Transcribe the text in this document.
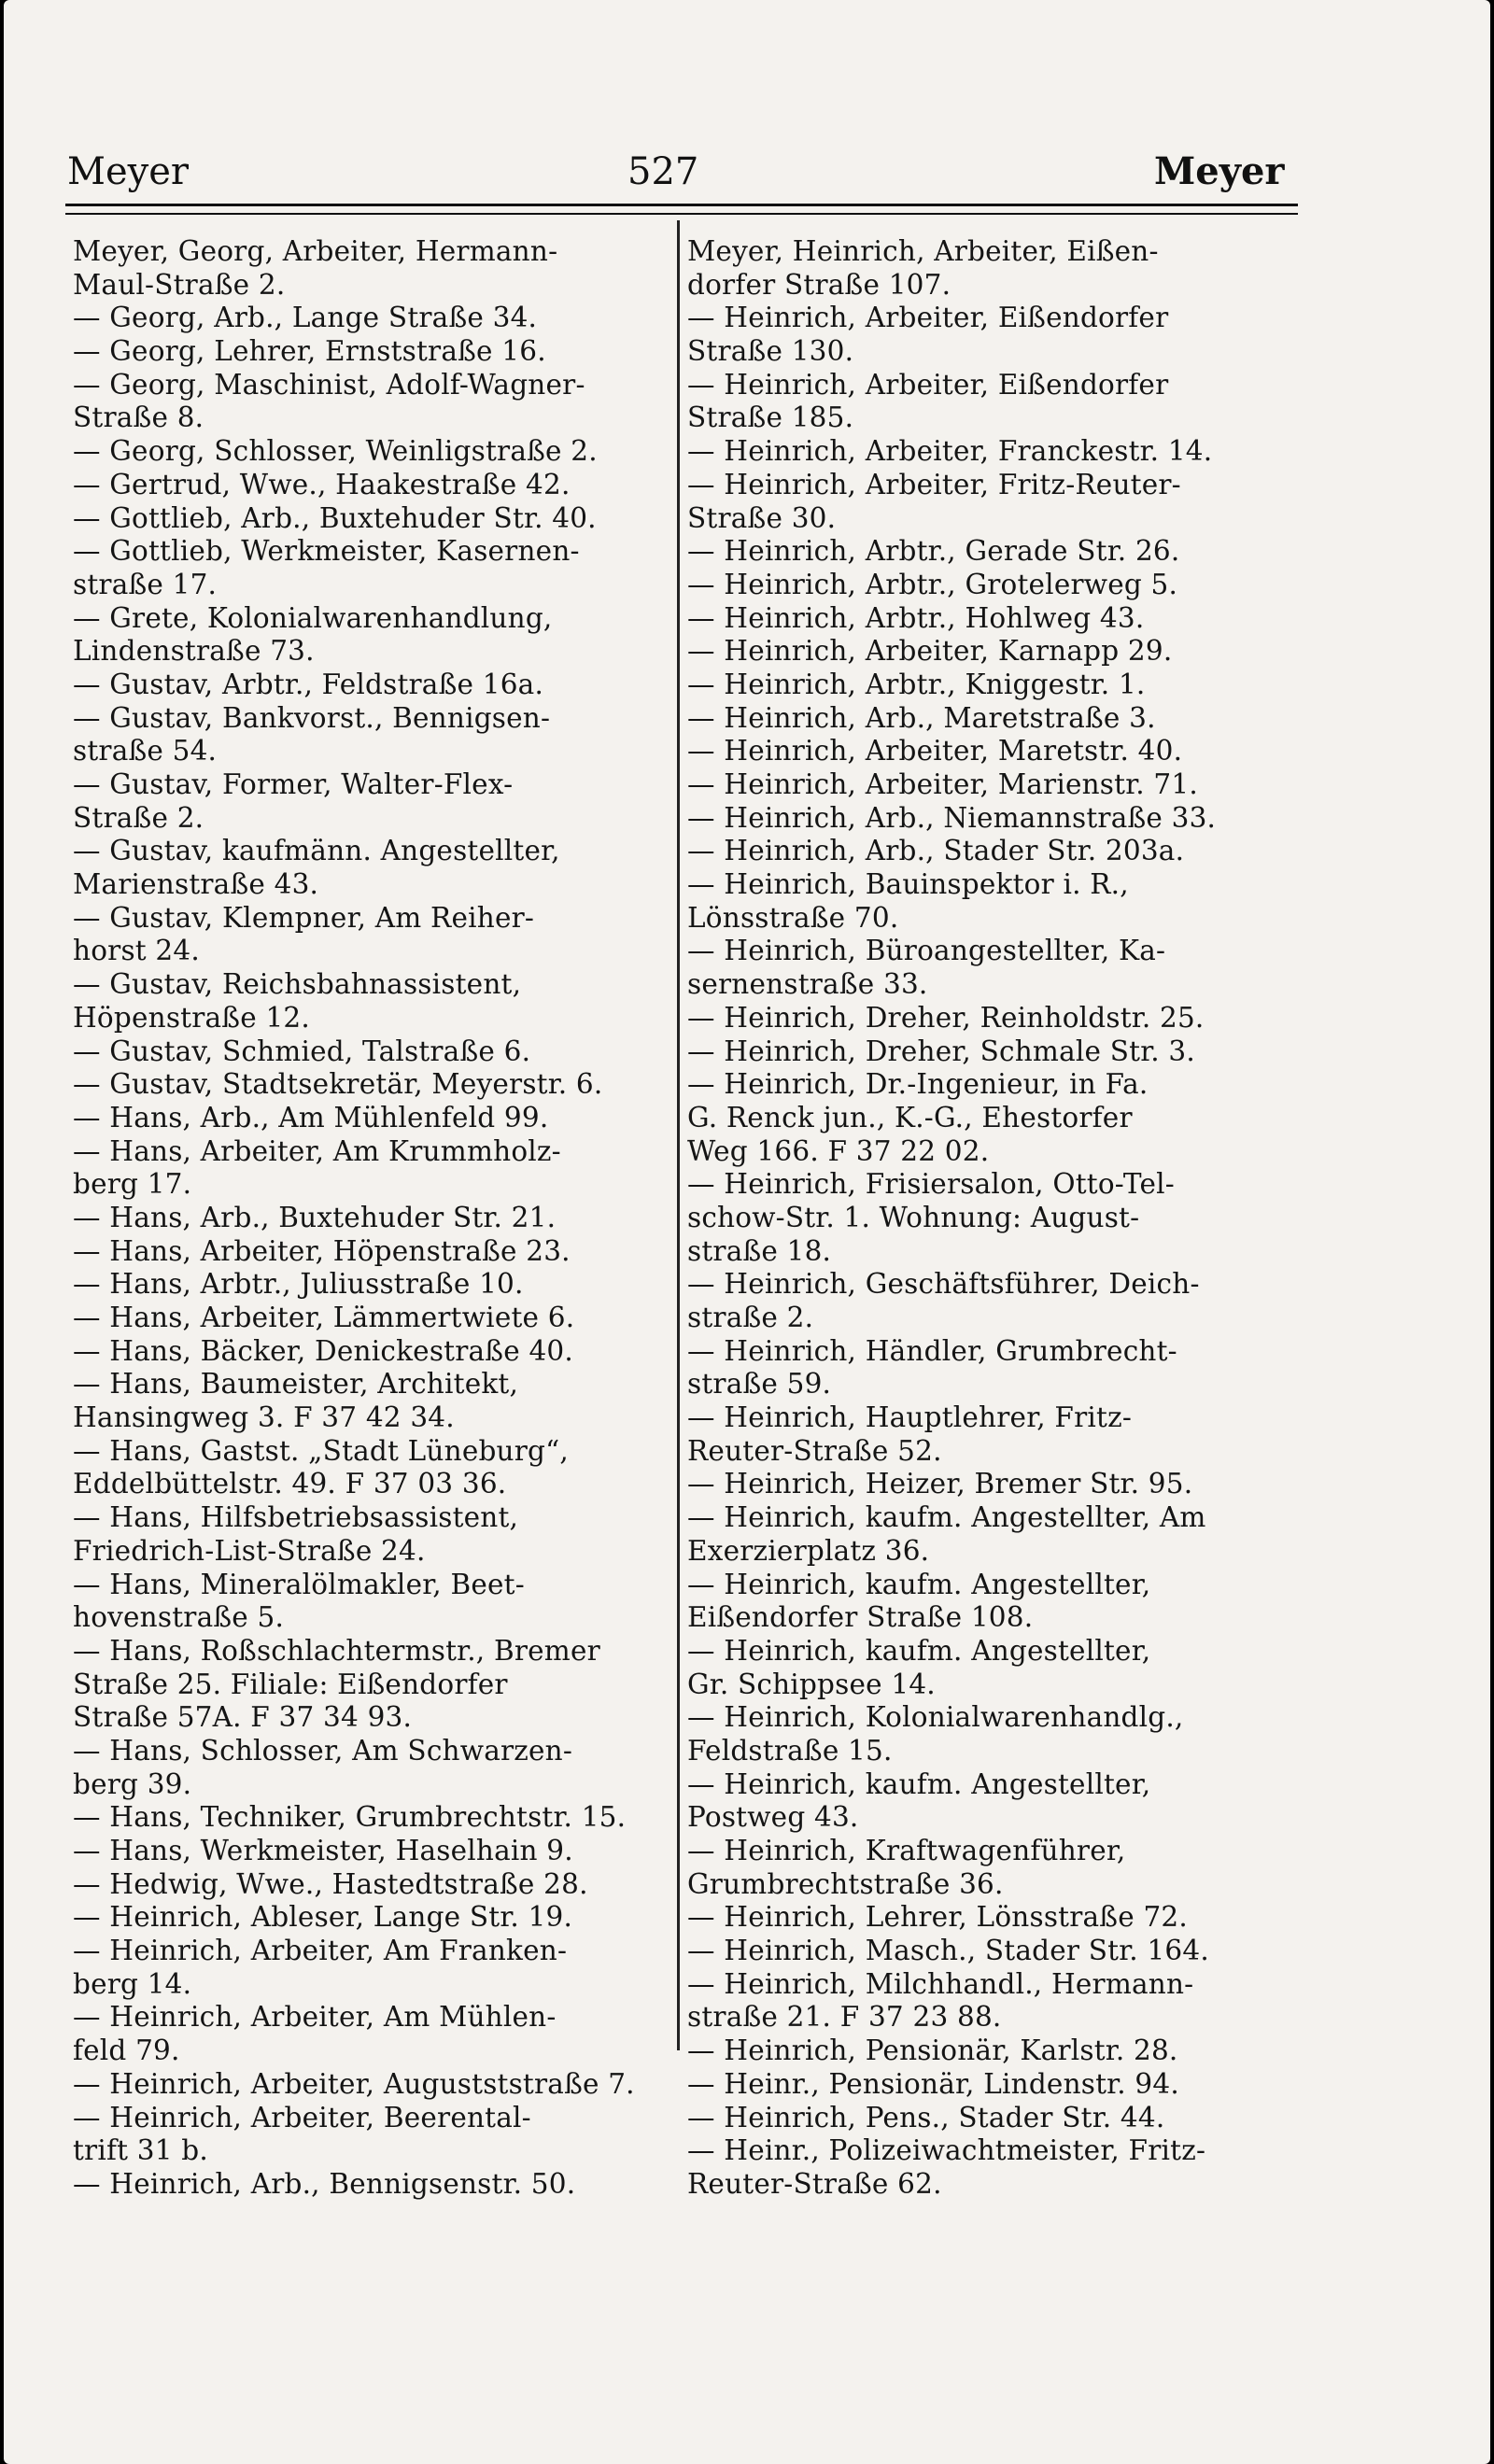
Meyer	527	Meyer
Meyer, Georg, Arbeiter, Hermann-
Maul-Straße 2.
— Georg, Arb., Lange Straße 34.
— Georg, Lehrer, Ernststraße 16.
— Georg, Maschinist, Adolf-Wagner-
Straße 8.
— Georg, Schlosser, Weinligstraße 2.
— Gertrud, Wwe., Haakestraße 42.
— Gottlieb, Arb., Buxtehuder Str. 40.
— Gottlieb, Werkmeister, Kasernen-
straße 17.
— Grete, Kolonialwarenhandlung,
Lindenstraße 73.
— Gustav, Arbtr., Feldstraße 16a.
— Gustav, Bankvorst., Bennigsen-
straße 54.
— Gustav, Former, Walter-Flex-
Straße 2.
— Gustav, kaufmänn. Angestellter,
Marienstraße 43.
— Gustav, Klempner, Am Reiher-
horst 24.
— Gustav, Reichsbahnassistent,
Höpenstraße 12.
— Gustav, Schmied, Talstraße 6.
— Gustav, Stadtsekretär, Meyerstr. 6.
— Hans, Arb., Am Mühlenfeld 99.
— Hans, Arbeiter, Am Krummholz-
berg 17.
— Hans, Arb., Buxtehuder Str. 21.
— Hans, Arbeiter, Höpenstraße 23.
— Hans, Arbtr., Juliusstraße 10.
— Hans, Arbeiter, Lämmertwiete 6.
— Hans, Bäcker, Denickestraße 40.
— Hans, Baumeister, Architekt,
Hansingweg 3. F 37 42 34.
— Hans, Gastst. „Stadt Lüneburg“,
Eddelbüttelstr. 49. F 37 03 36.
— Hans, Hilfsbetriebsassistent,
Friedrich-List-Straße 24.
— Hans, Mineralölmakler, Beet-
hovenstraße 5.
— Hans, Roßschlachtermstr., Bremer
Straße 25. Filiale: Eißendorfer
Straße 57A. F 37 34 93.
— Hans, Schlosser, Am Schwarzen-
berg 39.
— Hans, Techniker, Grumbrechtstr. 15.
— Hans, Werkmeister, Haselhain 9.
— Hedwig, Wwe., Hastedtstraße 28.
— Heinrich, Ableser, Lange Str. 19.
— Heinrich, Arbeiter, Am Franken-
berg 14.
— Heinrich, Arbeiter, Am Mühlen-
feld 79.
— Heinrich, Arbeiter, Augustststraße 7.
— Heinrich, Arbeiter, Beerental-
trift 31 b.
— Heinrich, Arb., Bennigsenstr. 50.
Meyer, Heinrich, Arbeiter, Eißen-
dorfer Straße 107.
— Heinrich, Arbeiter, Eißendorfer
Straße 130.
— Heinrich, Arbeiter, Eißendorfer
Straße 185.
— Heinrich, Arbeiter, Franckestr. 14.
— Heinrich, Arbeiter, Fritz-Reuter-
Straße 30.
— Heinrich, Arbtr., Gerade Str. 26.
— Heinrich, Arbtr., Grotelerweg 5.
— Heinrich, Arbtr., Hohlweg 43.
— Heinrich, Arbeiter, Karnapp 29.
— Heinrich, Arbtr., Kniggestr. 1.
— Heinrich, Arb., Maretstraße 3.
— Heinrich, Arbeiter, Maretstr. 40.
— Heinrich, Arbeiter, Marienstr. 71.
— Heinrich, Arb., Niemannstraße 33.
— Heinrich, Arb., Stader Str. 203a.
— Heinrich, Bauinspektor i. R.,
Lönsstraße 70.
— Heinrich, Büroangestellter, Ka-
sernenstraße 33.
— Heinrich, Dreher, Reinholdstr. 25.
— Heinrich, Dreher, Schmale Str. 3.
— Heinrich, Dr.-Ingenieur, in Fa.
G. Renck jun., K.-G., Ehestorfer
Weg 166. F 37 22 02.
— Heinrich, Frisiersalon, Otto-Tel-
schow-Str. 1. Wohnung: August-
straße 18.
— Heinrich, Geschäftsführer, Deich-
straße 2.
— Heinrich, Händler, Grumbrecht-
straße 59.
— Heinrich, Hauptlehrer, Fritz-
Reuter-Straße 52.
— Heinrich, Heizer, Bremer Str. 95.
— Heinrich, kaufm. Angestellter, Am
Exerzierplatz 36.
— Heinrich, kaufm. Angestellter,
Eißendorfer Straße 108.
— Heinrich, kaufm. Angestellter,
Gr. Schippsee 14.
— Heinrich, Kolonialwarenhandlg.,
Feldstraße 15.
— Heinrich, kaufm. Angestellter,
Postweg 43.
— Heinrich, Kraftwagenführer,
Grumbrechtstraße 36.
— Heinrich, Lehrer, Lönsstraße 72.
— Heinrich, Masch., Stader Str. 164.
— Heinrich, Milchhandl., Hermann-
straße 21. F 37 23 88.
— Heinrich, Pensionär, Karlstr. 28.
— Heinr., Pensionär, Lindenstr. 94.
— Heinrich, Pens., Stader Str. 44.
— Heinr., Polizeiwachtmeister, Fritz-
Reuter-Straße 62.
